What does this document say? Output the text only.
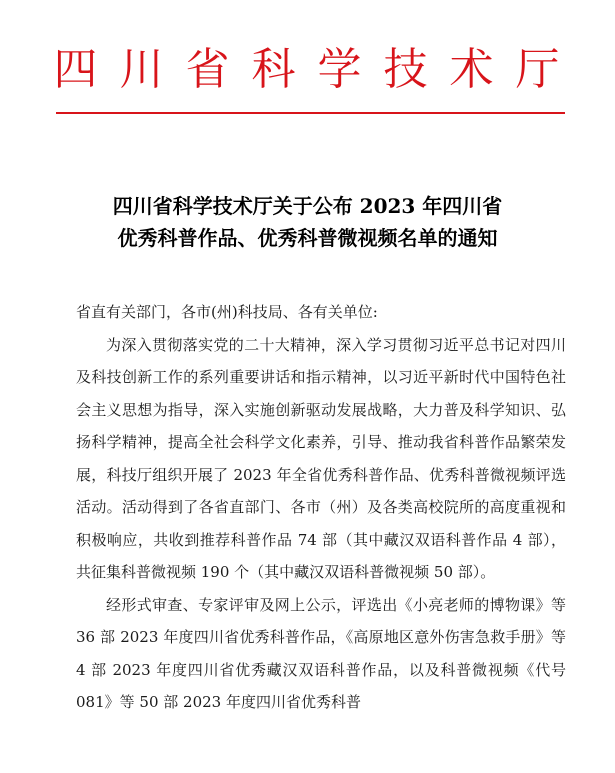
四川省科学技术厅
四川省科学技术厅关于公布 2023 年四川省
优秀科普作品、优秀科普微视频名单的通知

省直有关部门，各市(州)科技局、各有关单位:

为深入贯彻落实党的二十大精神，深入学习贯彻习近平总书记对四川及科技创新工作的系列重要讲话和指示精神，以习近平新时代中国特色社会主义思想为指导，深入实施创新驱动发展战略，大力普及科学知识、弘扬科学精神，提高全社会科学文化素养，引导、推动我省科普作品繁荣发展，科技厅组织开展了 2023 年全省优秀科普作品、优秀科普微视频评选活动。活动得到了各省直部门、各市（州）及各类高校院所的高度重视和积极响应，共收到推荐科普作品 74 部（其中藏汉双语科普作品 4 部），共征集科普微视频 190 个（其中藏汉双语科普微视频 50 部）。

经形式审查、专家评审及网上公示，评选出《小亮老师的博物课》等 36 部 2023 年度四川省优秀科普作品，《高原地区意外伤害急救手册》等 4 部 2023 年度四川省优秀藏汉双语科普作品，以及科普微视频《代号 081》等 50 部 2023 年度四川省优秀科普
